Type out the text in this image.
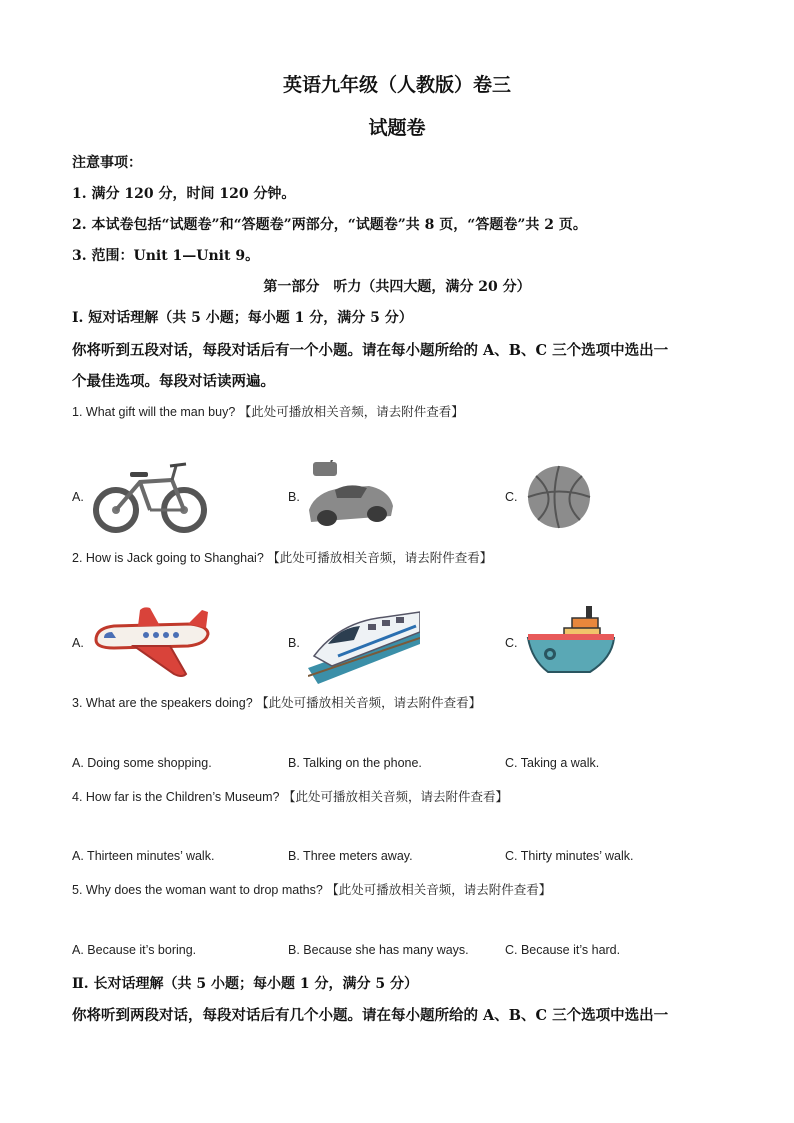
英语九年级（人教版）卷三
试题卷
注意事项：
1. 满分 120 分，时间 120 分钟。
2. 本试卷包括“试题卷”和“答题卷”两部分，“试题卷”共 8 页，“答题卷”共 2 页。
3. 范围：Unit 1—Unit 9。
第一部分　听力（共四大题，满分 20 分）
Ⅰ. 短对话理解（共 5 小题；每小题 1 分，满分 5 分）
你将听到五段对话，每段对话后有一个小题。请在每小题所给的 A、B、C 三个选项中选出一
个最佳选项。每段对话读两遍。
1. What gift will the man buy? 【此处可播放相关音频，请去附件查看】
A.	B.	C.
2. How is Jack going to Shanghai? 【此处可播放相关音频，请去附件查看】
A.	B.	C.
3. What are the speakers doing? 【此处可播放相关音频，请去附件查看】
A. Doing some shopping.	B. Talking on the phone.	C. Taking a walk.
4. How far is the Children’s Museum? 【此处可播放相关音频，请去附件查看】
A. Thirteen minutes’ walk.	B. Three meters away.	C. Thirty minutes’ walk.
5. Why does the woman want to drop maths? 【此处可播放相关音频，请去附件查看】
A. Because it’s boring.	B. Because she has many ways.	C. Because it’s hard.
Ⅱ. 长对话理解（共 5 小题；每小题 1 分，满分 5 分）
你将听到两段对话，每段对话后有几个小题。请在每小题所给的 A、B、C 三个选项中选出一
